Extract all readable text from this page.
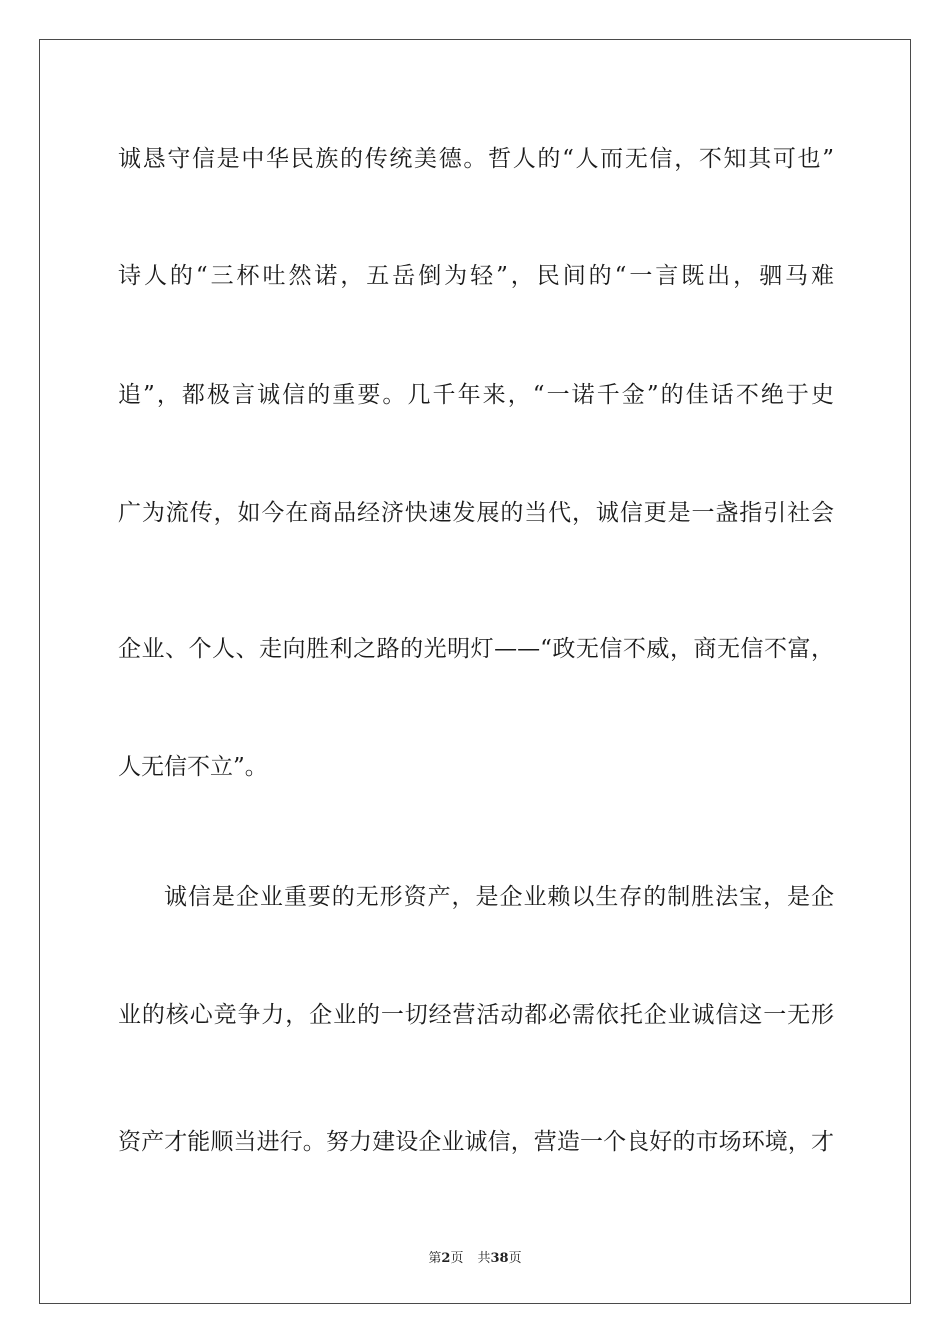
诚恳守信是中华民族的传统美德。哲人的“人而无信，不知其可也”
诗人的“三杯吐然诺，五岳倒为轻”，民间的“一言既出，驷马难
追”，都极言诚信的重要。几千年来，“一诺千金”的佳话不绝于史
广为流传，如今在商品经济快速发展的当代，诚信更是一盏指引社会
企业、个人、走向胜利之路的光明灯——“政无信不威，商无信不富，
人无信不立”。
诚信是企业重要的无形资产，是企业赖以生存的制胜法宝，是企
业的核心竞争力，企业的一切经营活动都必需依托企业诚信这一无形
资产才能顺当进行。努力建设企业诚信，营造一个良好的市场环境，才
第2页 共38页
